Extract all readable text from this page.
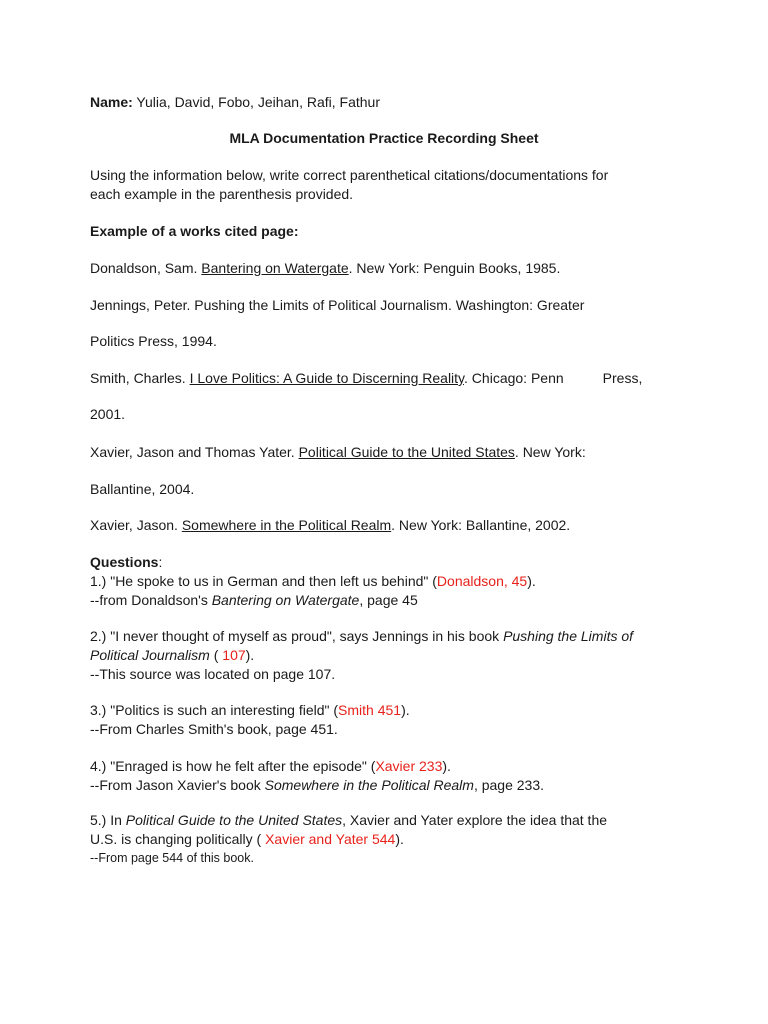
Name: Yulia, David, Fobo, Jeihan, Rafi, Fathur
MLA Documentation Practice Recording Sheet
Using the information below, write correct parenthetical citations/documentations for
each example in the parenthesis provided.
Example of a works cited page:
Donaldson, Sam. Bantering on Watergate. New York: Penguin Books, 1985.
Jennings, Peter. Pushing the Limits of Political Journalism. Washington: Greater
Politics Press, 1994.
Smith, Charles. I Love Politics: A Guide to Discerning Reality. Chicago: Penn	Press,
2001.
Xavier, Jason and Thomas Yater. Political Guide to the United States. New York:
Ballantine, 2004.
Xavier, Jason. Somewhere in the Political Realm. New York: Ballantine, 2002.
Questions:
1.) "He spoke to us in German and then left us behind" (Donaldson, 45).
--from Donaldson's Bantering on Watergate, page 45
2.) "I never thought of myself as proud", says Jennings in his book Pushing the Limits of
Political Journalism ( 107).
--This source was located on page 107.
3.) "Politics is such an interesting field" (Smith 451).
--From Charles Smith's book, page 451.
4.) "Enraged is how he felt after the episode" (Xavier 233).
--From Jason Xavier's book Somewhere in the Political Realm, page 233.
5.) In Political Guide to the United States, Xavier and Yater explore the idea that the
U.S. is changing politically ( Xavier and Yater 544).
--From page 544 of this book.
